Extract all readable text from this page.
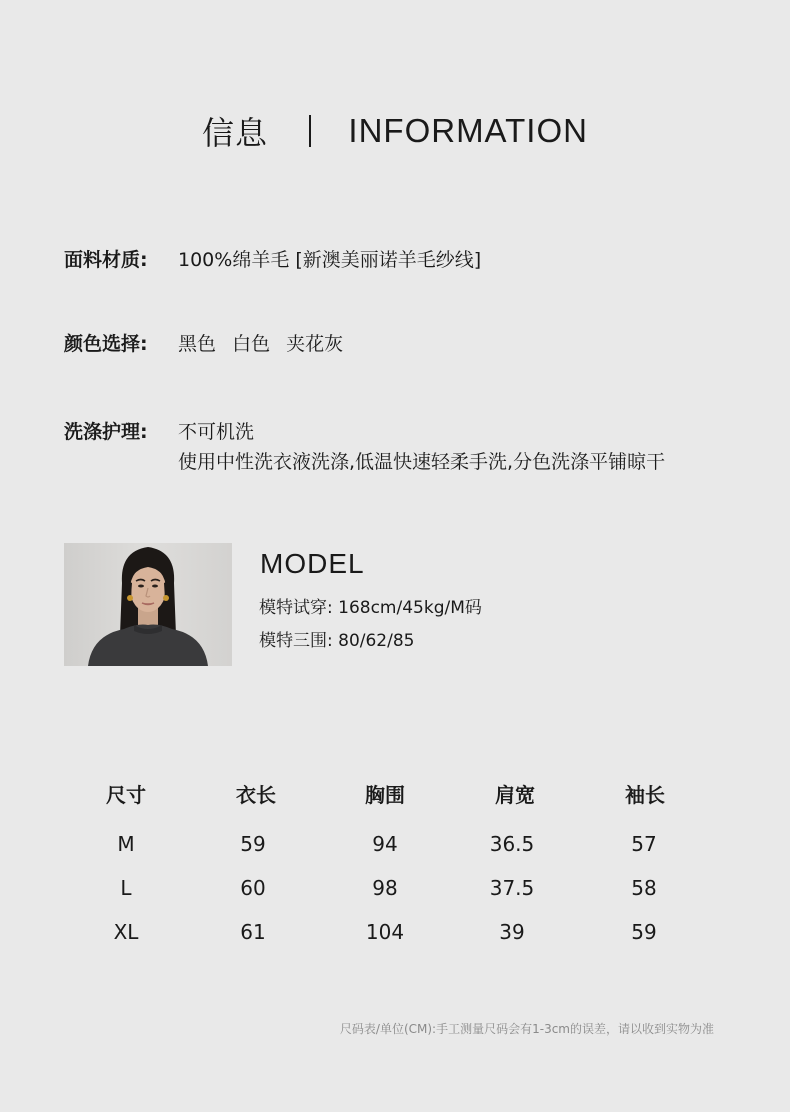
信息 INFORMATION
面料材质:	100%绵羊毛 [新澳美丽诺羊毛纱线]
颜色选择:	黑色 白色 夹花灰
洗涤护理:	不可机洗
使用中性洗衣液洗涤,低温快速轻柔手洗,分色洗涤平铺晾干
MODEL
模特试穿: 168cm/45kg/M码
模特三围: 80/62/85
尺寸	衣长	胸围	肩宽	袖长
M	59	94	36.5	57
L	60	98	37.5	58
XL	61	104	39	59
尺码表/单位(CM):手工测量尺码会有1-3cm的误差，请以收到实物为准
